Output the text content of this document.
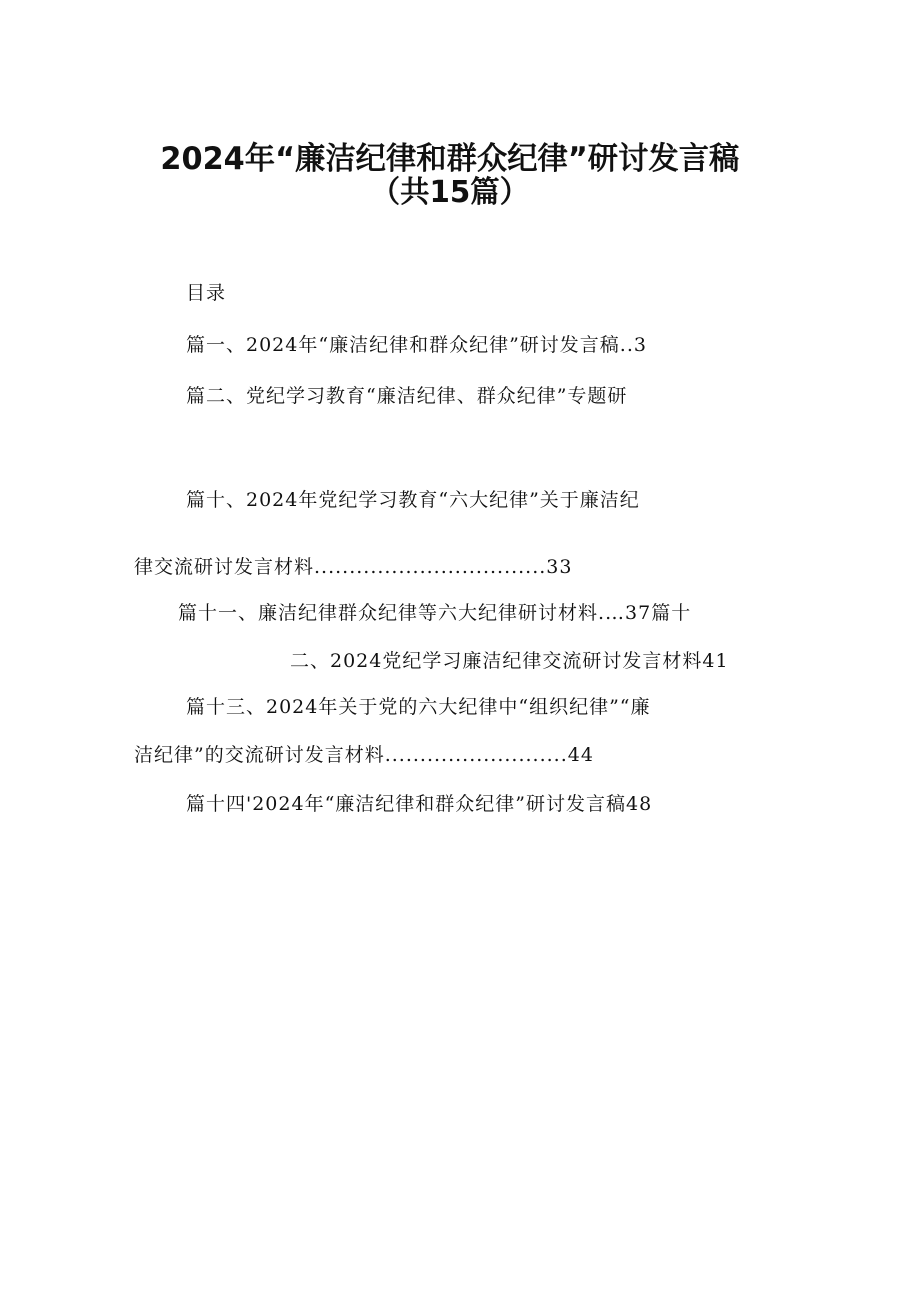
2024年“廉洁纪律和群众纪律”研讨发言稿
（共15篇）
目录
篇一、2024年“廉洁纪律和群众纪律”研讨发言稿..3
篇二、党纪学习教育“廉洁纪律、群众纪律”专题研
篇十、2024年党纪学习教育“六大纪律”关于廉洁纪
律交流研讨发言材料.................................33
篇十一、廉洁纪律群众纪律等六大纪律研讨材料.…37篇十
二、2024党纪学习廉洁纪律交流研讨发言材料41
篇十三、2024年关于党的六大纪律中“组织纪律”“廉
洁纪律”的交流研讨发言材料..........................44
篇十四'2024年“廉洁纪律和群众纪律”研讨发言稿48
